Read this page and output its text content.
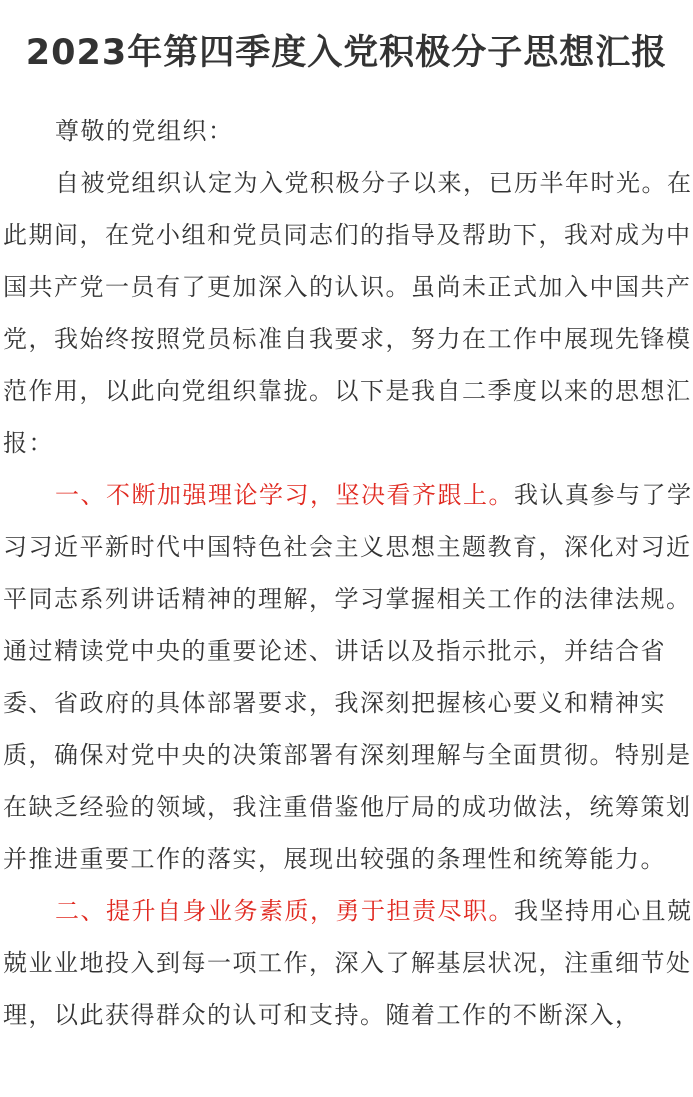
2023年第四季度入党积极分子思想汇报

尊敬的党组织：

自被党组织认定为入党积极分子以来，已历半年时光。在此期间，在党小组和党员同志们的指导及帮助下，我对成为中国共产党一员有了更加深入的认识。虽尚未正式加入中国共产党，我始终按照党员标准自我要求，努力在工作中展现先锋模范作用，以此向党组织靠拢。以下是我自二季度以来的思想汇报：

一、不断加强理论学习，坚决看齐跟上。我认真参与了学习习近平新时代中国特色社会主义思想主题教育，深化对习近平同志系列讲话精神的理解，学习掌握相关工作的法律法规。通过精读党中央的重要论述、讲话以及指示批示，并结合省委、省政府的具体部署要求，我深刻把握核心要义和精神实质，确保对党中央的决策部署有深刻理解与全面贯彻。特别是在缺乏经验的领域，我注重借鉴他厅局的成功做法，统筹策划并推进重要工作的落实，展现出较强的条理性和统筹能力。

二、提升自身业务素质，勇于担责尽职。我坚持用心且兢兢业业地投入到每一项工作，深入了解基层状况，注重细节处理，以此获得群众的认可和支持。随着工作的不断深入，
